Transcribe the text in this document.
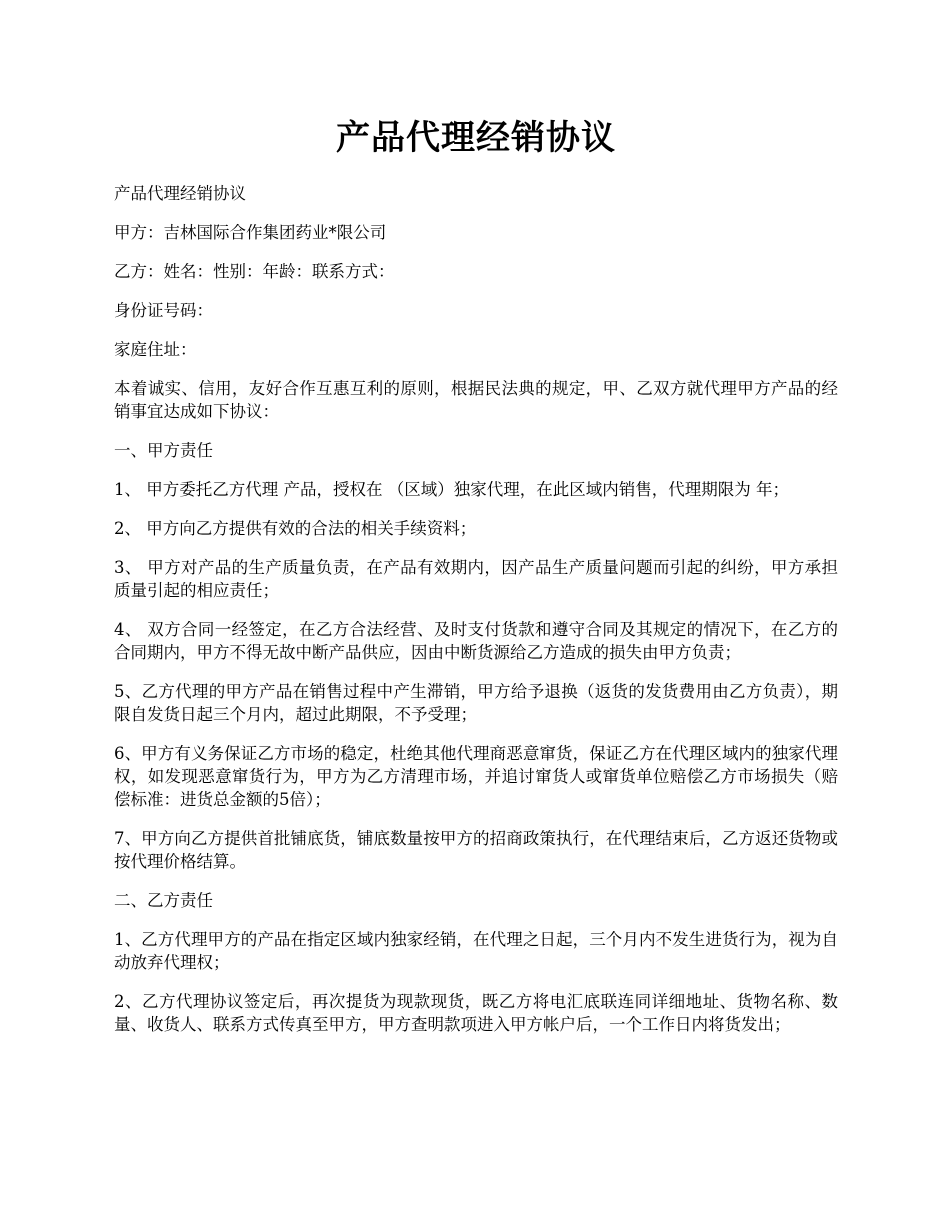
产品代理经销协议

产品代理经销协议

甲方：吉林国际合作集团药业*限公司

乙方：姓名：性别：年龄：联系方式：

身份证号码：

家庭住址：

本着诚实、信用，友好合作互惠互利的原则，根据民法典的规定，甲、乙双方就代理甲方产品的经销事宜达成如下协议：

一、甲方责任

1、 甲方委托乙方代理 产品，授权在 （区域）独家代理，在此区域内销售，代理期限为 年；

2、 甲方向乙方提供有效的合法的相关手续资料；

3、 甲方对产品的生产质量负责，在产品有效期内，因产品生产质量问题而引起的纠纷，甲方承担质量引起的相应责任；

4、 双方合同一经签定，在乙方合法经营、及时支付货款和遵守合同及其规定的情况下，在乙方的合同期内，甲方不得无故中断产品供应，因由中断货源给乙方造成的损失由甲方负责；

5、乙方代理的甲方产品在销售过程中产生滞销，甲方给予退换（返货的发货费用由乙方负责），期限自发货日起三个月内，超过此期限，不予受理；

6、甲方有义务保证乙方市场的稳定，杜绝其他代理商恶意窜货，保证乙方在代理区域内的独家代理权，如发现恶意窜货行为，甲方为乙方清理市场，并追讨窜货人或窜货单位赔偿乙方市场损失（赔偿标准：进货总金额的5倍）；

7、甲方向乙方提供首批铺底货，铺底数量按甲方的招商政策执行，在代理结束后，乙方返还货物或按代理价格结算。

二、乙方责任

1、乙方代理甲方的产品在指定区域内独家经销，在代理之日起，三个月内不发生进货行为，视为自动放弃代理权；

2、乙方代理协议签定后，再次提货为现款现货，既乙方将电汇底联连同详细地址、货物名称、数量、收货人、联系方式传真至甲方，甲方查明款项进入甲方帐户后，一个工作日内将货发出；
